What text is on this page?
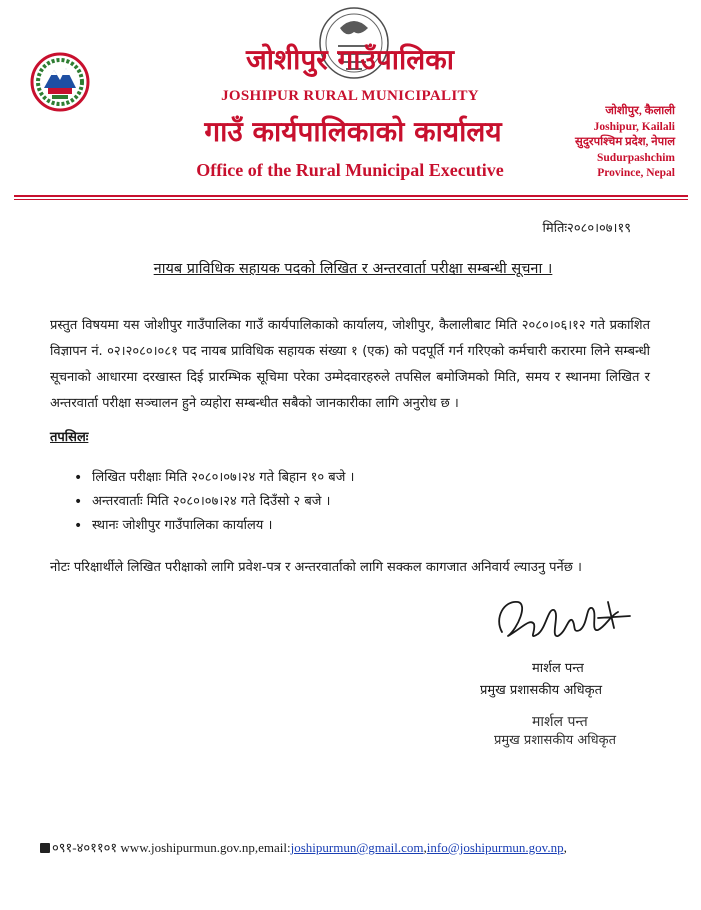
जोशीपुर गाउँपालिका
JOSHIPUR RURAL MUNICIPALITY
गाउँ कार्यपालिकाको कार्यालय
Office of the Rural Municipal Executive
जोशीपुर, कैलाली
Joshipur, Kailali
सुदुरपश्चिम प्रदेश, नेपाल
Sudurpashchim
Province, Nepal
मितिः२०८०।०७।१९
नायब प्राविधिक सहायक पदको लिखित र अन्तरवार्ता परीक्षा सम्बन्धी सूचना ।
प्रस्तुत विषयमा यस जोशीपुर गाउँपालिका गाउँ कार्यपालिकाको कार्यालय, जोशीपुर, कैलालीबाट मिति २०८०।०६।१२ गते प्रकाशित विज्ञापन नं. ०२।२०८०।०८१ पद नायब प्राविधिक सहायक संख्या १ (एक) को पदपूर्ति गर्न गरिएको कर्मचारी करारमा लिने सम्बन्धी सूचनाको आधारमा दरखास्त दिई प्रारम्भिक सूचिमा परेका उम्मेदवारहरुले तपसिल बमोजिमको मिति, समय र स्थानमा लिखित र अन्तरवार्ता परीक्षा सञ्चालन हुने व्यहोरा सम्बन्धीत सबैको जानकारीका लागि अनुरोध छ ।
तपसिलः
• लिखित परीक्षाः मिति २०८०।०७।२४ गते बिहान १० बजे ।
• अन्तरवार्ताः मिति २०८०।०७।२४ गते दिउँसो २ बजे ।
• स्थानः जोशीपुर गाउँपालिका कार्यालय ।
नोटः परिक्षार्थीले लिखित परीक्षाको लागि प्रवेश-पत्र र अन्तरवार्ताको लागि सक्कल कागजात अनिवार्य ल्याउनु पर्नेछ ।
मार्शल पन्त
प्रमुख प्रशासकीय अधिकृत
मार्शल पन्त
प्रमुख प्रशासकीय अधिकृत
०९१-४०११०१ www.joshipurmun.gov.np,email:joshipurmun@gmail.com,info@joshipurmun.gov.np,
